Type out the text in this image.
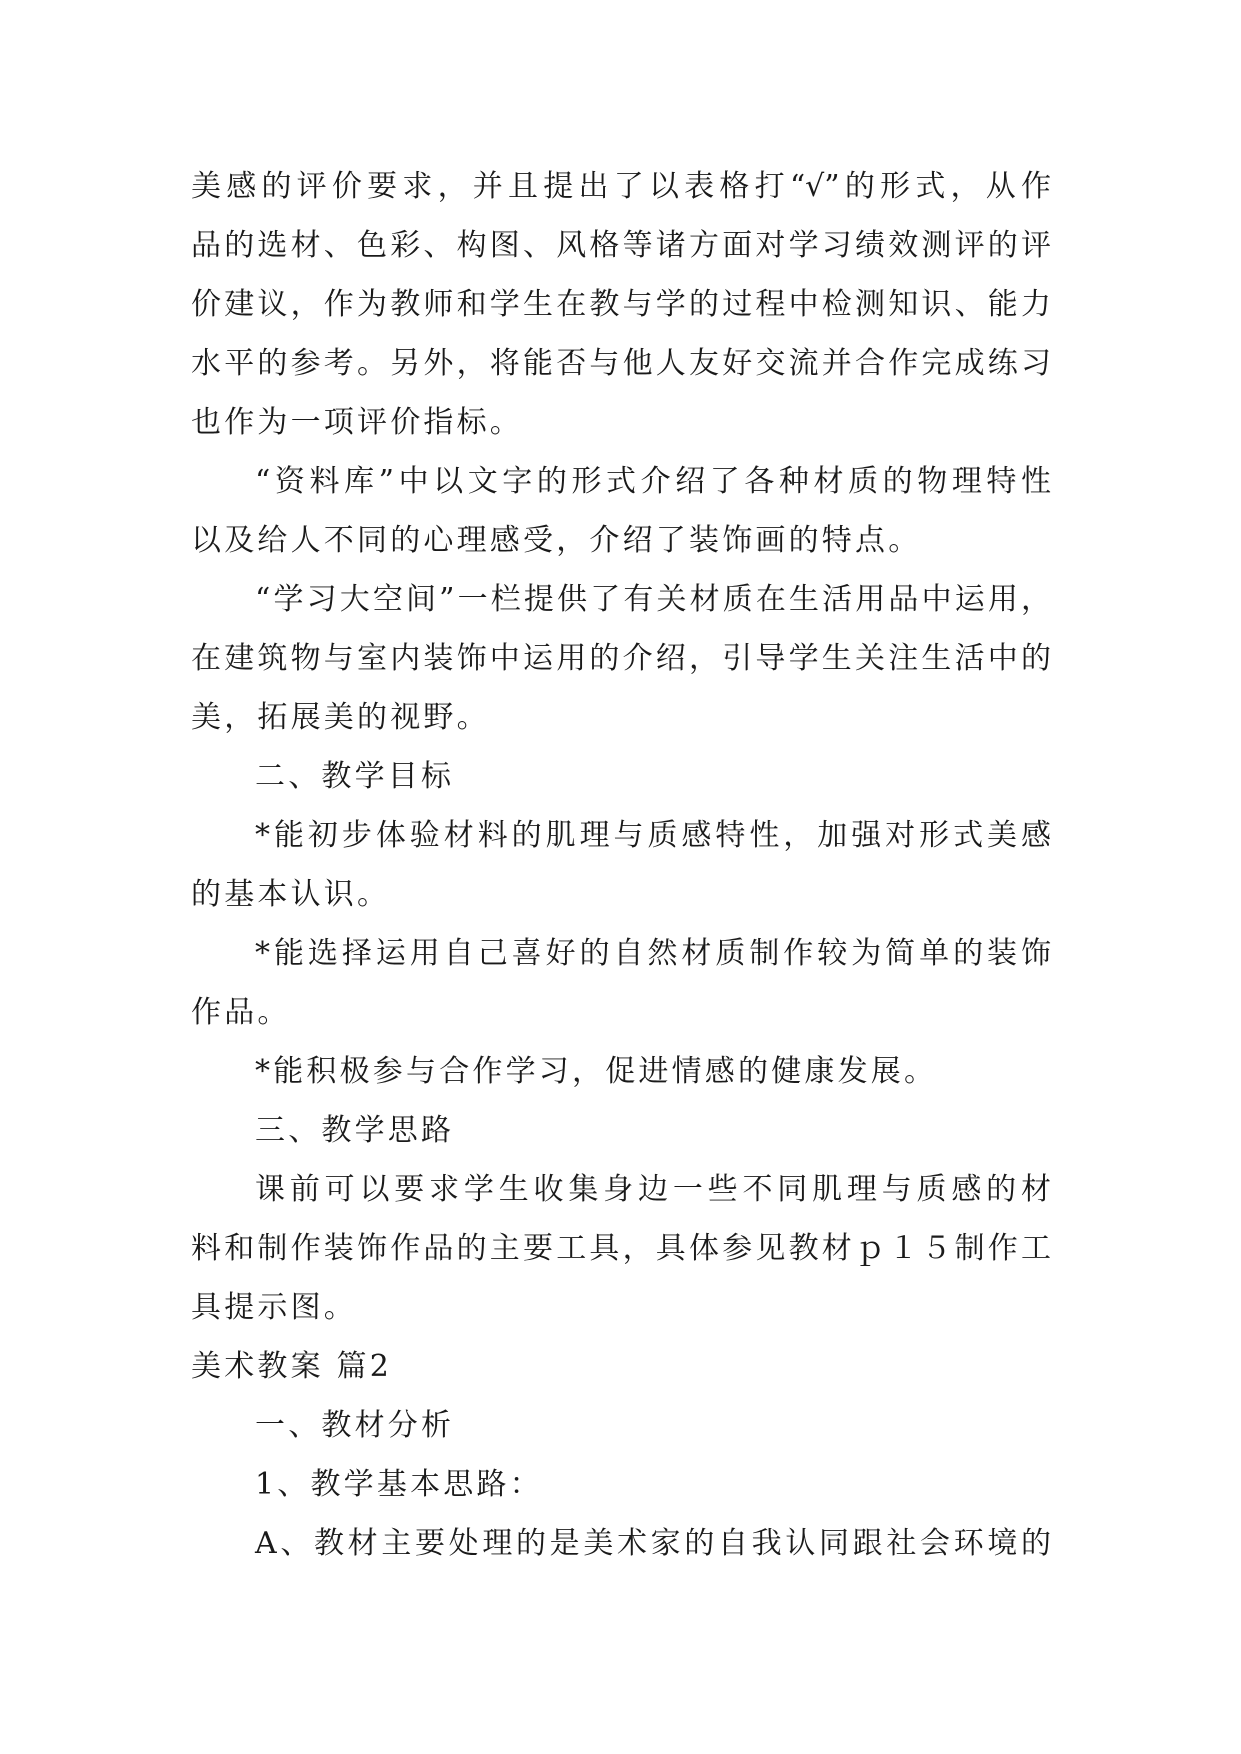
美感的评价要求，并且提出了以表格打“√”的形式，从作
品的选材、色彩、构图、风格等诸方面对学习绩效测评的评
价建议，作为教师和学生在教与学的过程中检测知识、能力
水平的参考。另外，将能否与他人友好交流并合作完成练习
也作为一项评价指标。
“资料库”中以文字的形式介绍了各种材质的物理特性
以及给人不同的心理感受，介绍了装饰画的特点。
“学习大空间”一栏提供了有关材质在生活用品中运用，
在建筑物与室内装饰中运用的介绍，引导学生关注生活中的
美，拓展美的视野。
二、教学目标
*能初步体验材料的肌理与质感特性，加强对形式美感
的基本认识。
*能选择运用自己喜好的自然材质制作较为简单的装饰
作品。
*能积极参与合作学习，促进情感的健康发展。
三、教学思路
课前可以要求学生收集身边一些不同肌理与质感的材
料和制作装饰作品的主要工具，具体参见教材ｐ１５制作工
具提示图。
美术教案 篇2
一、教材分析
1、教学基本思路：
A、教材主要处理的是美术家的自我认同跟社会环境的
